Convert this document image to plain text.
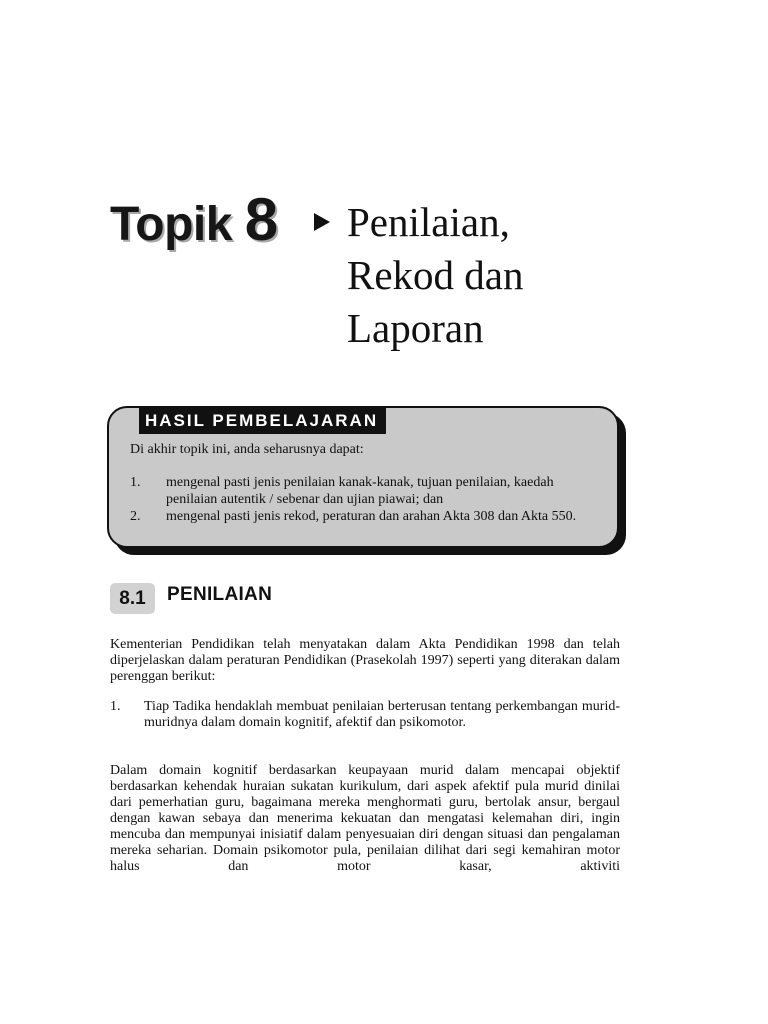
Topik 8 Penilaian,
Rekod dan
Laporan
HASIL PEMBELAJARAN

Di akhir topik ini, anda seharusnya dapat:

1.	mengenal pasti jenis penilaian kanak-kanak, tujuan penilaian, kaedah penilaian autentik / sebenar dan ujian piawai; dan
2.	mengenal pasti jenis rekod, peraturan dan arahan Akta 308 dan Akta 550.
8.1	PENILAIAN

Kementerian Pendidikan telah menyatakan dalam Akta Pendidikan 1998 dan telah diperjelaskan dalam peraturan Pendidikan (Prasekolah 1997) seperti yang diterakan dalam perenggan berikut:

1.	Tiap Tadika hendaklah membuat penilaian berterusan tentang perkembangan murid-muridnya dalam domain kognitif, afektif dan psikomotor.

Dalam domain kognitif berdasarkan keupayaan murid dalam mencapai objektif berdasarkan kehendak huraian sukatan kurikulum, dari aspek afektif pula murid dinilai dari pemerhatian guru, bagaimana mereka menghormati guru, bertolak ansur, bergaul dengan kawan sebaya dan menerima kekuatan dan mengatasi kelemahan diri, ingin mencuba dan mempunyai inisiatif dalam penyesuaian diri dengan situasi dan pengalaman mereka seharian. Domain psikomotor pula, penilaian dilihat dari segi kemahiran motor halus dan motor kasar, aktiviti
